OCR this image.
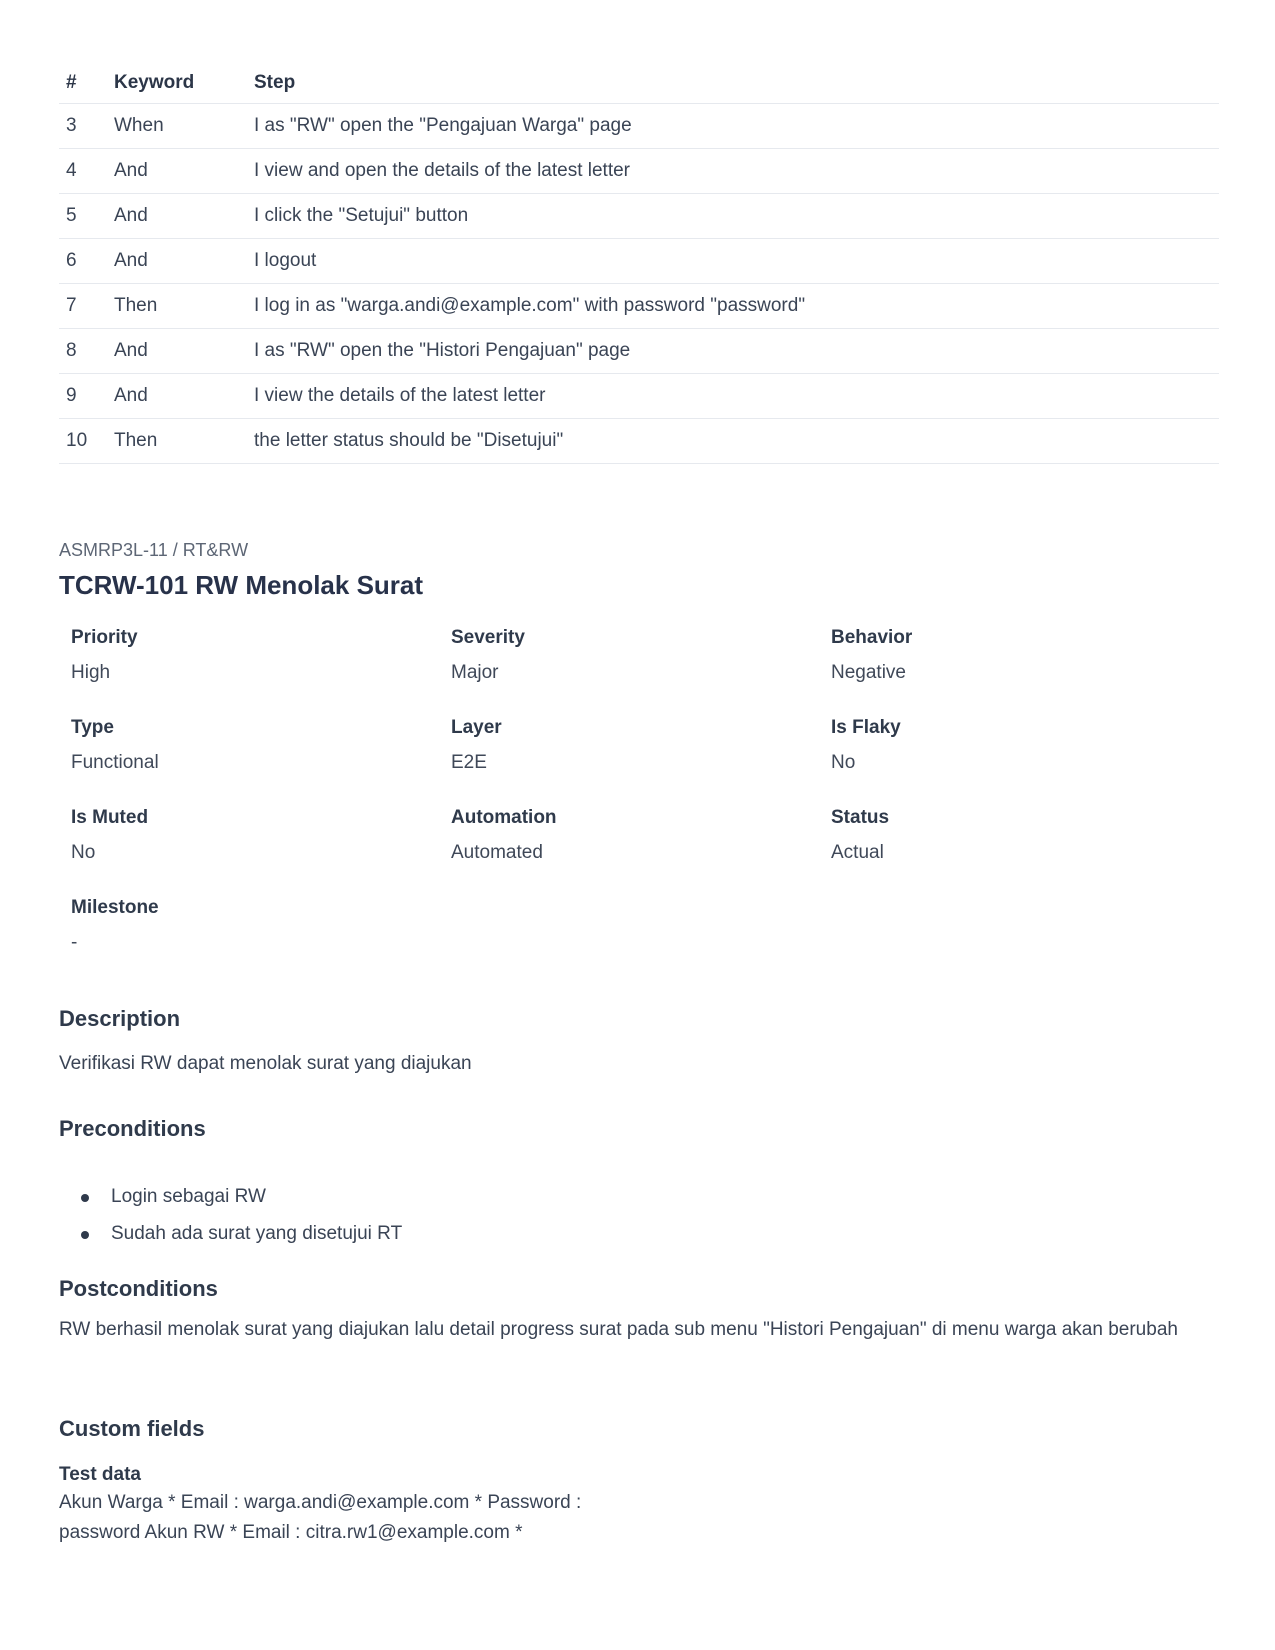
#	Keyword	Step
3	When	I as "RW" open the "Pengajuan Warga" page
4	And	I view and open the details of the latest letter
5	And	I click the "Setujui" button
6	And	I logout
7	Then	I log in as "warga.andi@example.com" with password "password"
8	And	I as "RW" open the "Histori Pengajuan" page
9	And	I view the details of the latest letter
10	Then	the letter status should be "Disetujui"
ASMRP3L-11 / RT&RW
TCRW-101 RW Menolak Surat
Priority
High
Severity
Major
Behavior
Negative
Type
Functional
Layer
E2E
Is Flaky
No
Is Muted
No
Automation
Automated
Status
Actual
Milestone
-
Description
Verifikasi RW dapat menolak surat yang diajukan
Preconditions
Login sebagai RW
Sudah ada surat yang disetujui RT
Postconditions
RW berhasil menolak surat yang diajukan lalu detail progress surat pada sub menu "Histori Pengajuan" di menu warga akan berubah
Custom fields
Test data
Akun Warga * Email : warga.andi@example.com * Password : password Akun RW * Email : citra.rw1@example.com *
